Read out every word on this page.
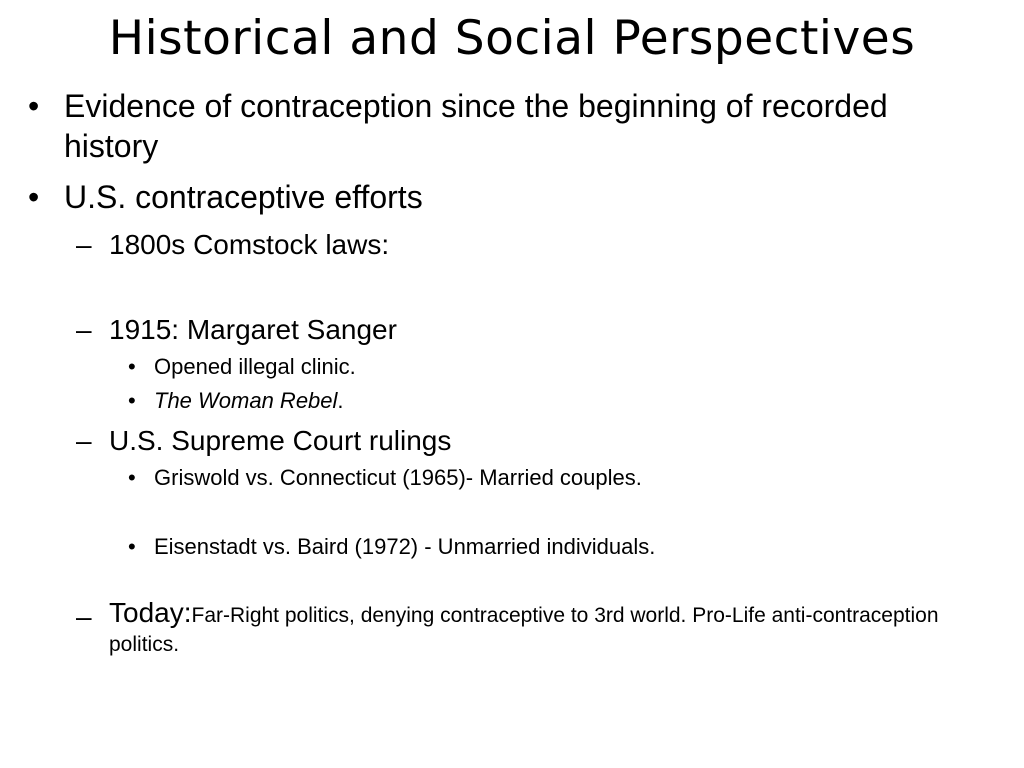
Historical and Social Perspectives
• Evidence of contraception since the beginning of recorded history
• U.S. contraceptive efforts
– 1800s Comstock laws:
– 1915: Margaret Sanger
• Opened illegal clinic.
• The Woman Rebel.
– U.S. Supreme Court rulings
• Griswold vs. Connecticut (1965)- Married couples.
• Eisenstadt vs. Baird (1972) - Unmarried individuals.
– Today:Far-Right politics, denying contraceptive to 3rd world. Pro-Life anti-contraception politics.
